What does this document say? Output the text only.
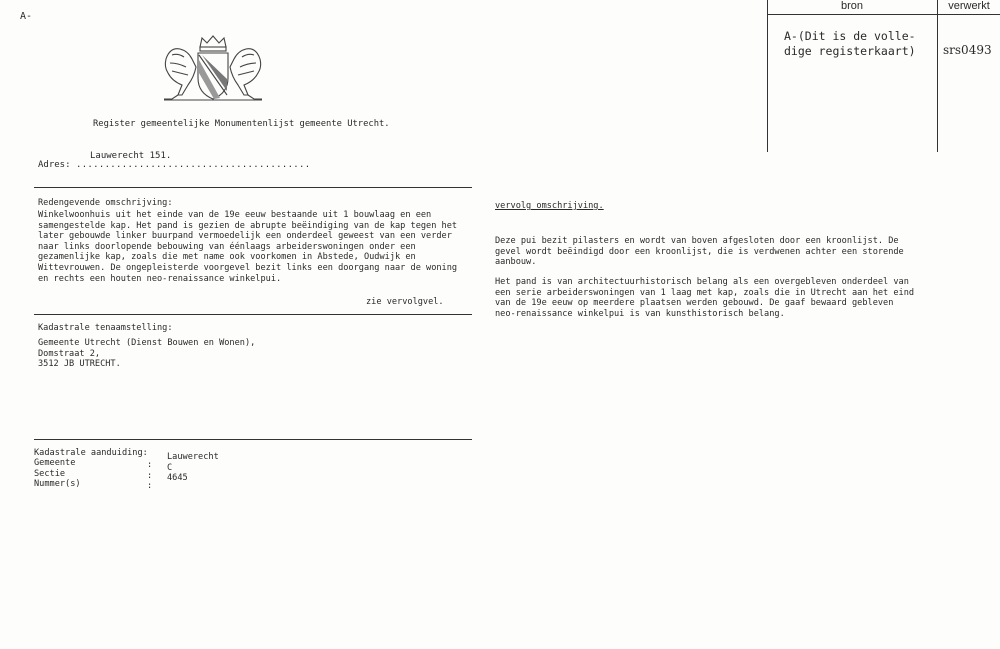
A-
bron	verwerkt
A-(Dit is de volle-
dige registerkaart) srs0493
Register gemeentelijke Monumentenlijst gemeente Utrecht.
Lauwerecht 151.
Adres: .........................................
Redengevende omschrijving:
Winkelwoonhuis uit het einde van de 19e eeuw bestaande uit 1 bouwlaag en een
samengestelde kap. Het pand is gezien de abrupte beëindiging van de kap tegen het
later gebouwde linker buurpand vermoedelijk een onderdeel geweest van een verder
naar links doorlopende bebouwing van éénlaags arbeiderswoningen onder een
gezamenlijke kap, zoals die met name ook voorkomen in Abstede, Oudwijk en
Wittevrouwen. De ongepleisterde voorgevel bezit links een doorgang naar de woning
en rechts een houten neo-renaissance winkelpui.
zie vervolgvel.
Kadastrale tenaamstelling:
Gemeente Utrecht (Dienst Bouwen en Wonen),
Domstraat 2,
3512 JB UTRECHT.
Kadastrale aanduiding:
Gemeente
Sectie
Nummer(s)
:
:
:
Lauwerecht
C
4645
vervolg omschrijving.
Deze pui bezit pilasters en wordt van boven afgesloten door een kroonlijst. De
gevel wordt beëindigd door een kroonlijst, die is verdwenen achter een storende
aanbouw.
Het pand is van architectuurhistorisch belang als een overgebleven onderdeel van
een serie arbeiderswoningen van 1 laag met kap, zoals die in Utrecht aan het eind
van de 19e eeuw op meerdere plaatsen werden gebouwd. De gaaf bewaard gebleven
neo-renaissance winkelpui is van kunsthistorisch belang.
